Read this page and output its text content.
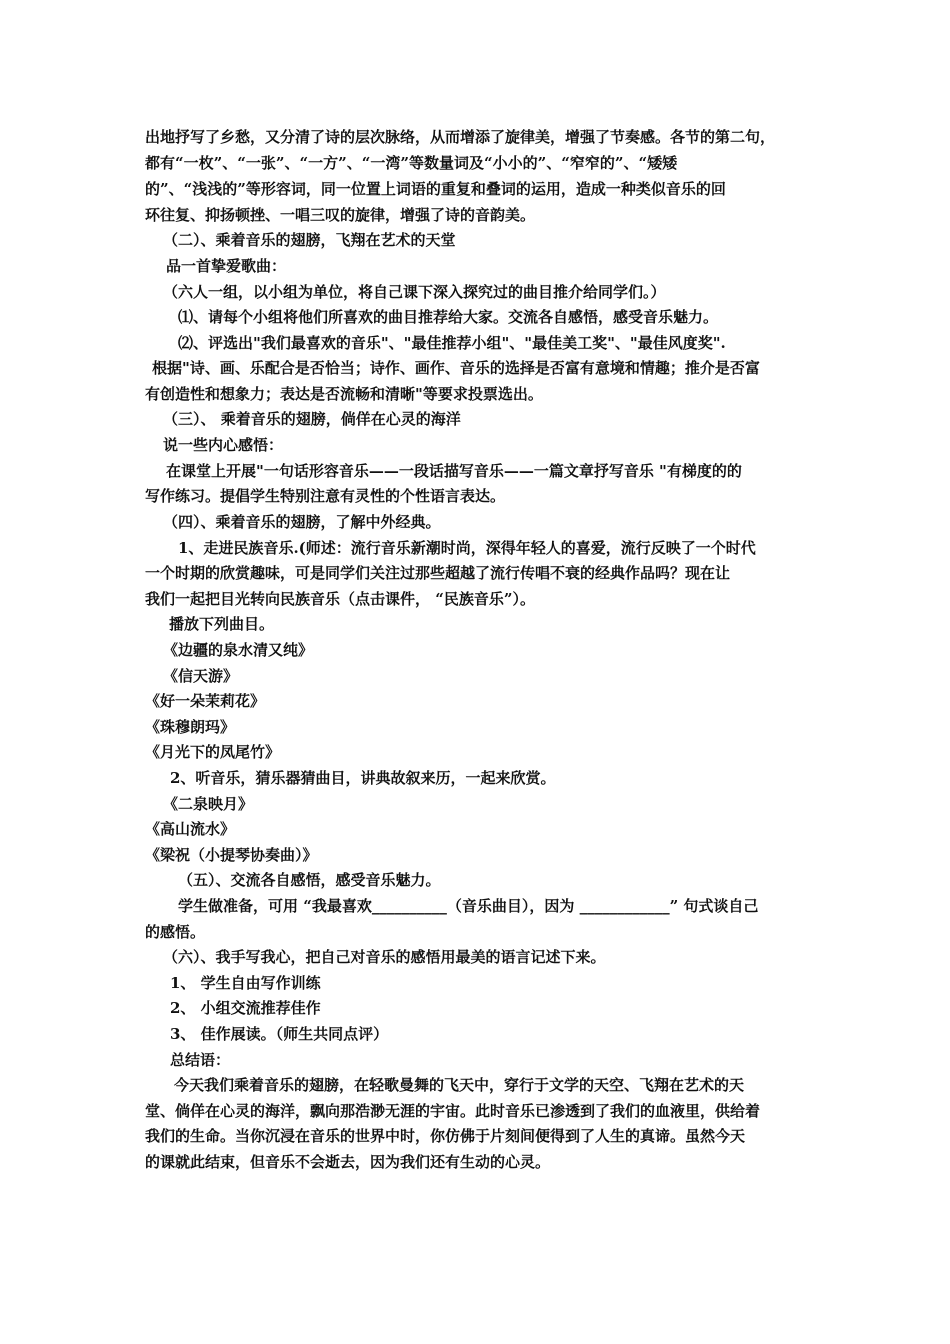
出地抒写了乡愁，又分清了诗的层次脉络，从而增添了旋律美，增强了节奏感。各节的第二句，
都有“一枚”、“一张”、“一方”、“一湾”等数量词及“小小的”、“窄窄的”、“矮矮
的”、“浅浅的”等形容词，同一位置上词语的重复和叠词的运用，造成一种类似音乐的回
环往复、抑扬顿挫、一唱三叹的旋律，增强了诗的音韵美。
（二）、乘着音乐的翅膀，飞翔在艺术的天堂
品一首挚爱歌曲：
（六人一组，以小组为单位，将自己课下深入探究过的曲目推介给同学们。）
⑴、请每个小组将他们所喜欢的曲目推荐给大家。交流各自感悟，感受音乐魅力。
⑵、评选出"我们最喜欢的音乐"、"最佳推荐小组"、"最佳美工奖"、"最佳风度奖".
根据"诗、画、乐配合是否恰当；诗作、画作、音乐的选择是否富有意境和情趣；推介是否富
有创造性和想象力；表达是否流畅和清晰"等要求投票选出。
（三）、 乘着音乐的翅膀，倘佯在心灵的海洋
说一些内心感悟：
在课堂上开展"一句话形容音乐——一段话描写音乐——一篇文章抒写音乐 "有梯度的的
写作练习。提倡学生特别注意有灵性的个性语言表达。
（四）、乘着音乐的翅膀，了解中外经典。
1、走进民族音乐.(师述：流行音乐新潮时尚，深得年轻人的喜爱，流行反映了一个时代
一个时期的欣赏趣味，可是同学们关注过那些超越了流行传唱不衰的经典作品吗？现在让
我们一起把目光转向民族音乐（点击课件， “民族音乐”）。
播放下列曲目。
《边疆的泉水清又纯》
《信天游》
《好一朵茉莉花》
《珠穆朗玛》
《月光下的凤尾竹》
2、听音乐，猜乐器猜曲目，讲典故叙来历，一起来欣赏。
《二泉映月》
《高山流水》
《梁祝（小提琴协奏曲）》
（五）、交流各自感悟，感受音乐魅力。
学生做准备，可用 “我最喜欢__________（音乐曲目），因为 ____________” 句式谈自己
的感悟。
（六）、我手写我心，把自己对音乐的感悟用最美的语言记述下来。
1、 学生自由写作训练
2、 小组交流推荐佳作
3、 佳作展读。（师生共同点评）
总结语：
今天我们乘着音乐的翅膀，在轻歌曼舞的飞天中，穿行于文学的天空、飞翔在艺术的天
堂、倘佯在心灵的海洋，飘向那浩渺无涯的宇宙。此时音乐已渗透到了我们的血液里，供给着
我们的生命。当你沉浸在音乐的世界中时，你仿佛于片刻间便得到了人生的真谛。虽然今天
的课就此结束，但音乐不会逝去，因为我们还有生动的心灵。
